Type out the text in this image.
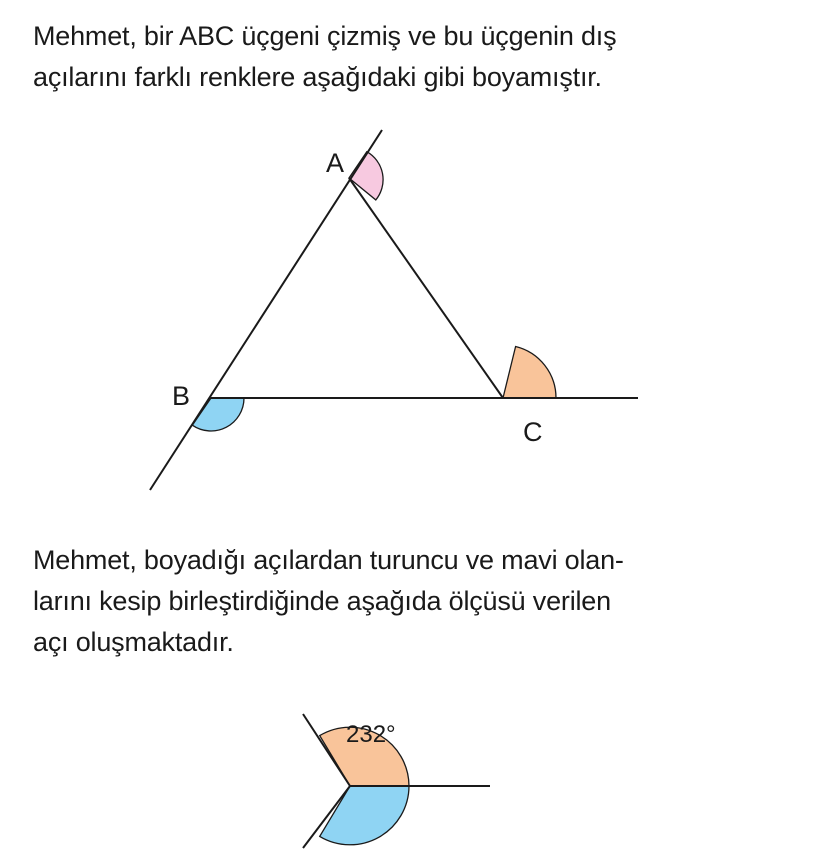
Mehmet, bir ABC üçgeni çizmiş ve bu üçgenin dış
açılarını farklı renklere aşağıdaki gibi boyamıştır.

A
B
C
232°

Mehmet, boyadığı açılardan turuncu ve mavi olan-
larını kesip birleştirdiğinde aşağıda ölçüsü verilen
açı oluşmaktadır.
